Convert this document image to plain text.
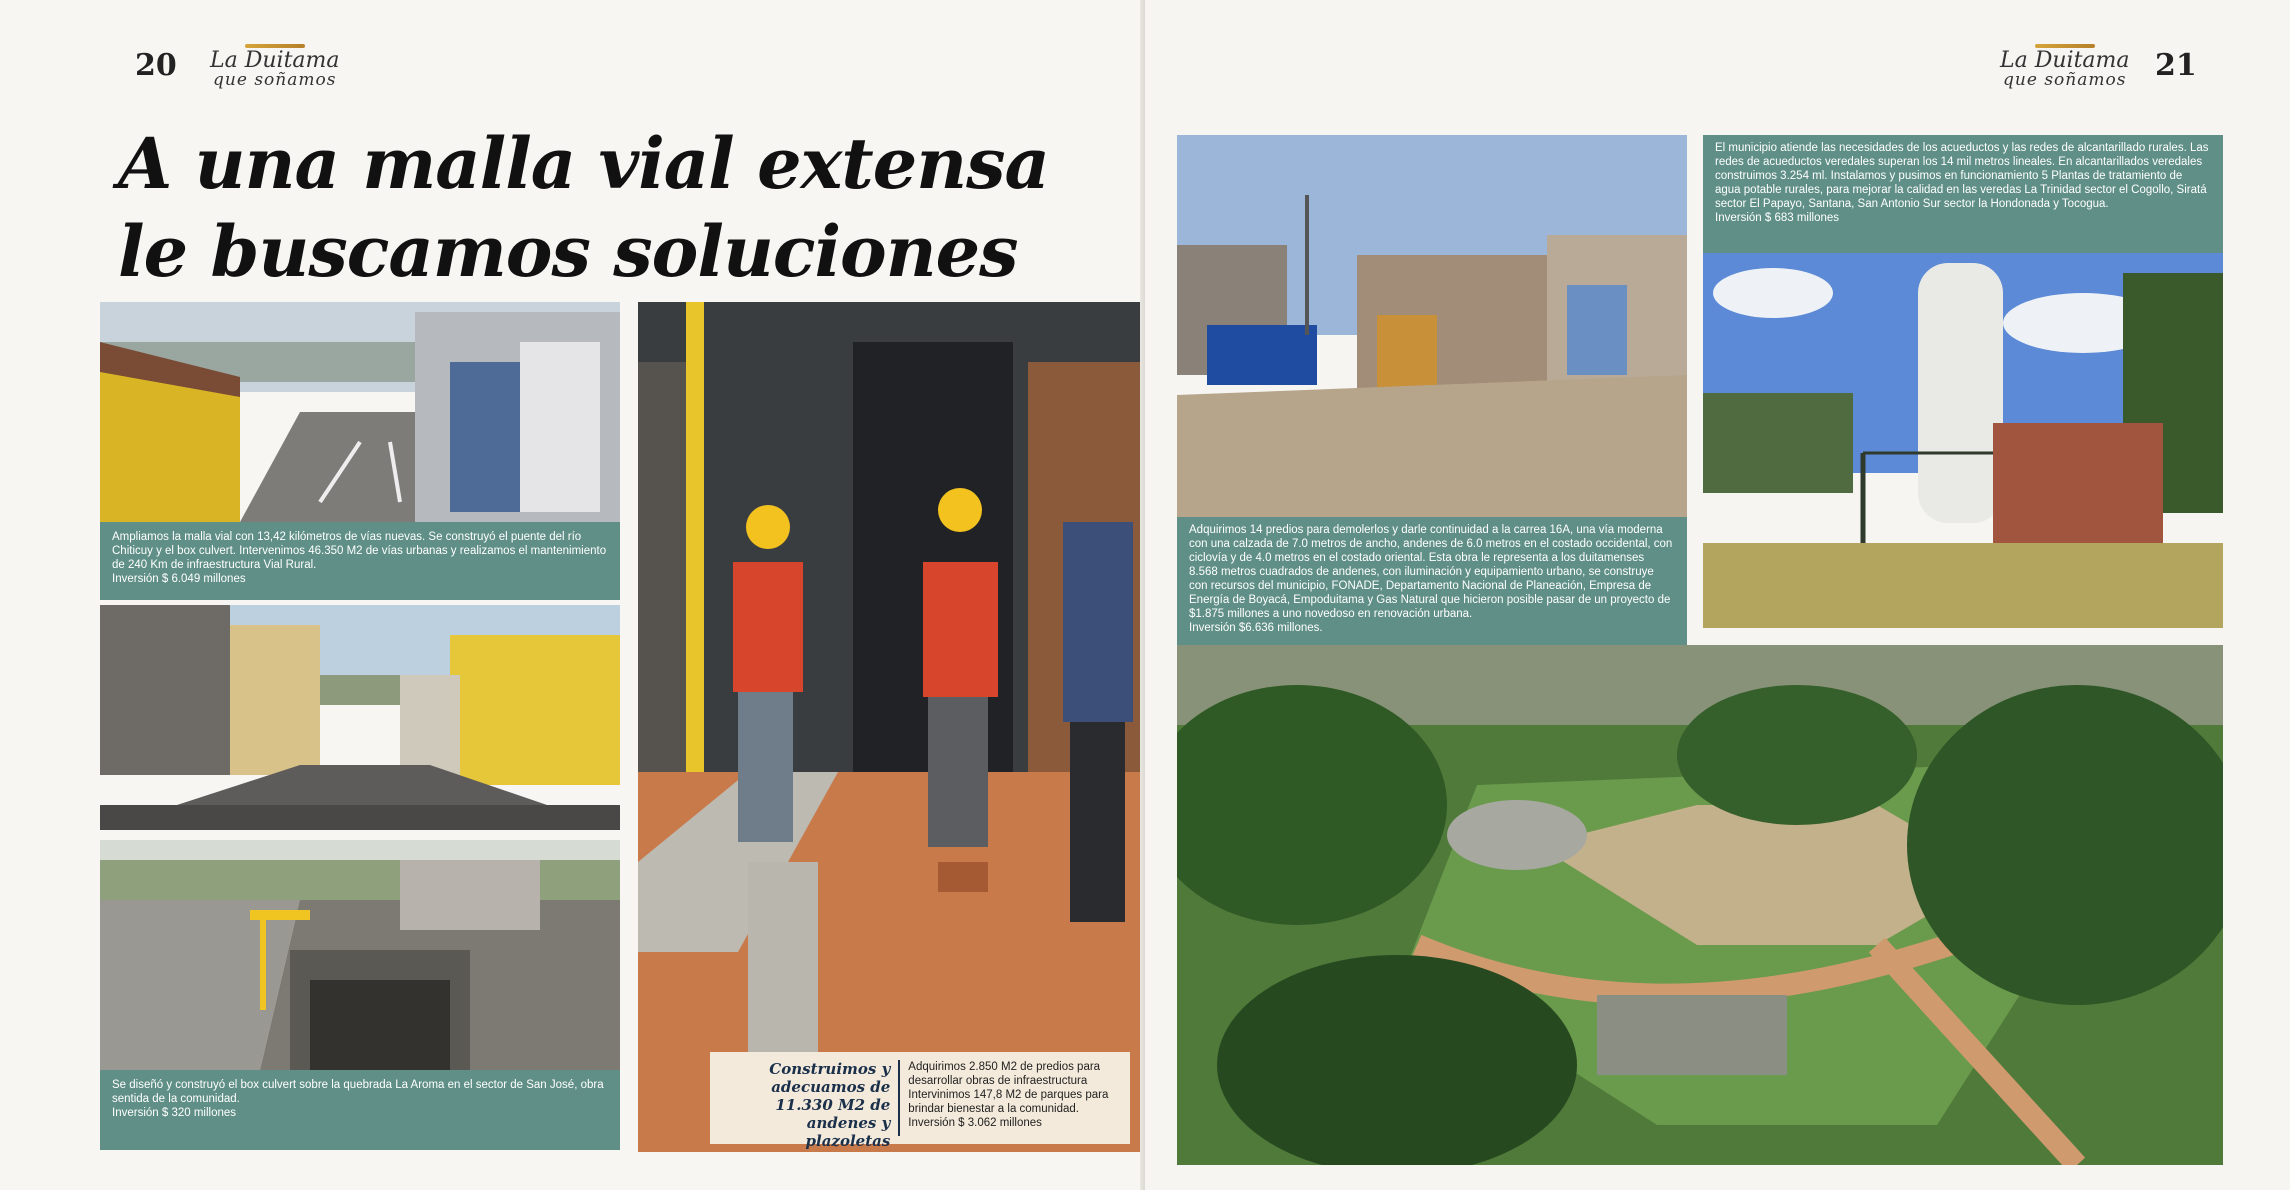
20 La Duitama
que soñamos
A una malla vial extensa
le buscamos soluciones
Ampliamos la malla vial con 13,42 kilómetros de vías nuevas. Se construyó el puente del río Chiticuy y el box culvert. Intervenimos 46.350 M2 de vías urbanas y realizamos el mantenimiento de 240 Km de infraestructura Vial Rural.
Inversión $ 6.049 millones
Se diseñó y construyó el box culvert sobre la quebrada La Aroma en el sector de San José, obra sentida de la comunidad.
Inversión $ 320 millones
Construimos y adecuamos de 11.330 M2 de andenes y plazoletas
Adquirimos 2.850 M2 de predios para desarrollar obras de infraestructura Intervinimos 147,8 M2 de parques para brindar bienestar a la comunidad.
Inversión $ 3.062 millones
La Duitama
que soñamos 21
Adquirimos 14 predios para demolerlos y darle continuidad a la carrea 16A, una vía moderna con una calzada de 7.0 metros de ancho, andenes de 6.0 metros en el costado occidental, con ciclovía y de 4.0 metros en el costado oriental. Esta obra le representa a los duitamenses 8.568 metros cuadrados de andenes, con iluminación y equipamiento urbano, se construye con recursos del municipio, FONADE, Departamento Nacional de Planeación, Empresa de Energía de Boyacá, Empoduitama y Gas Natural que hicieron posible pasar de un proyecto de $1.875 millones a uno novedoso en renovación urbana.
Inversión $6.636 millones.
El municipio atiende las necesidades de los acueductos y las redes de alcantarillado rurales. Las redes de acueductos veredales superan los 14 mil metros lineales. En alcantarillados veredales construimos 3.254 ml. Instalamos y pusimos en funcionamiento 5 Plantas de tratamiento de agua potable rurales, para mejorar la calidad en las veredas La Trinidad sector el Cogollo, Siratá sector El Papayo, Santana, San Antonio Sur sector la Hondonada y Tocogua.
Inversión $ 683 millones
